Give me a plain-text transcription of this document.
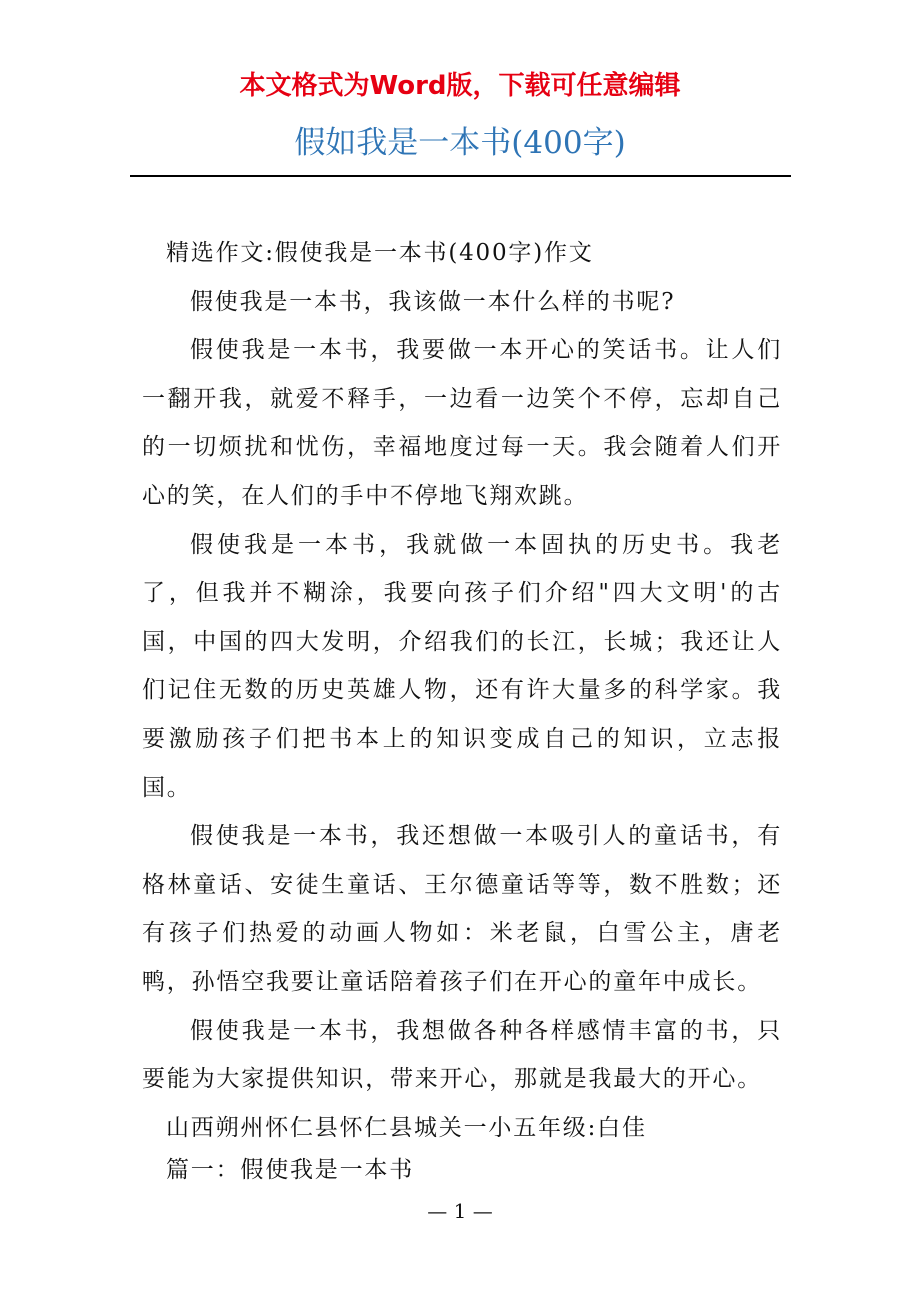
本文格式为Word版，下载可任意编辑
假如我是一本书(400字)

精选作文:假使我是一本书(400字)作文

假使我是一本书，我该做一本什么样的书呢?

假使我是一本书，我要做一本开心的笑话书。让人们一翻开我，就爱不释手，一边看一边笑个不停，忘却自己的一切烦扰和忧伤，幸福地度过每一天。我会随着人们开心的笑，在人们的手中不停地飞翔欢跳。

假使我是一本书，我就做一本固执的历史书。我老了，但我并不糊涂，我要向孩子们介绍"四大文明'的古国，中国的四大发明，介绍我们的长江，长城；我还让人们记住无数的历史英雄人物，还有许大量多的科学家。我要激励孩子们把书本上的知识变成自己的知识，立志报国。

假使我是一本书，我还想做一本吸引人的童话书，有格林童话、安徒生童话、王尔德童话等等，数不胜数；还有孩子们热爱的动画人物如：米老鼠，白雪公主，唐老鸭，孙悟空我要让童话陪着孩子们在开心的童年中成长。

假使我是一本书，我想做各种各样感情丰富的书，只要能为大家提供知识，带来开心，那就是我最大的开心。

山西朔州怀仁县怀仁县城关一小五年级:白佳

篇一：假使我是一本书
— 1 —
